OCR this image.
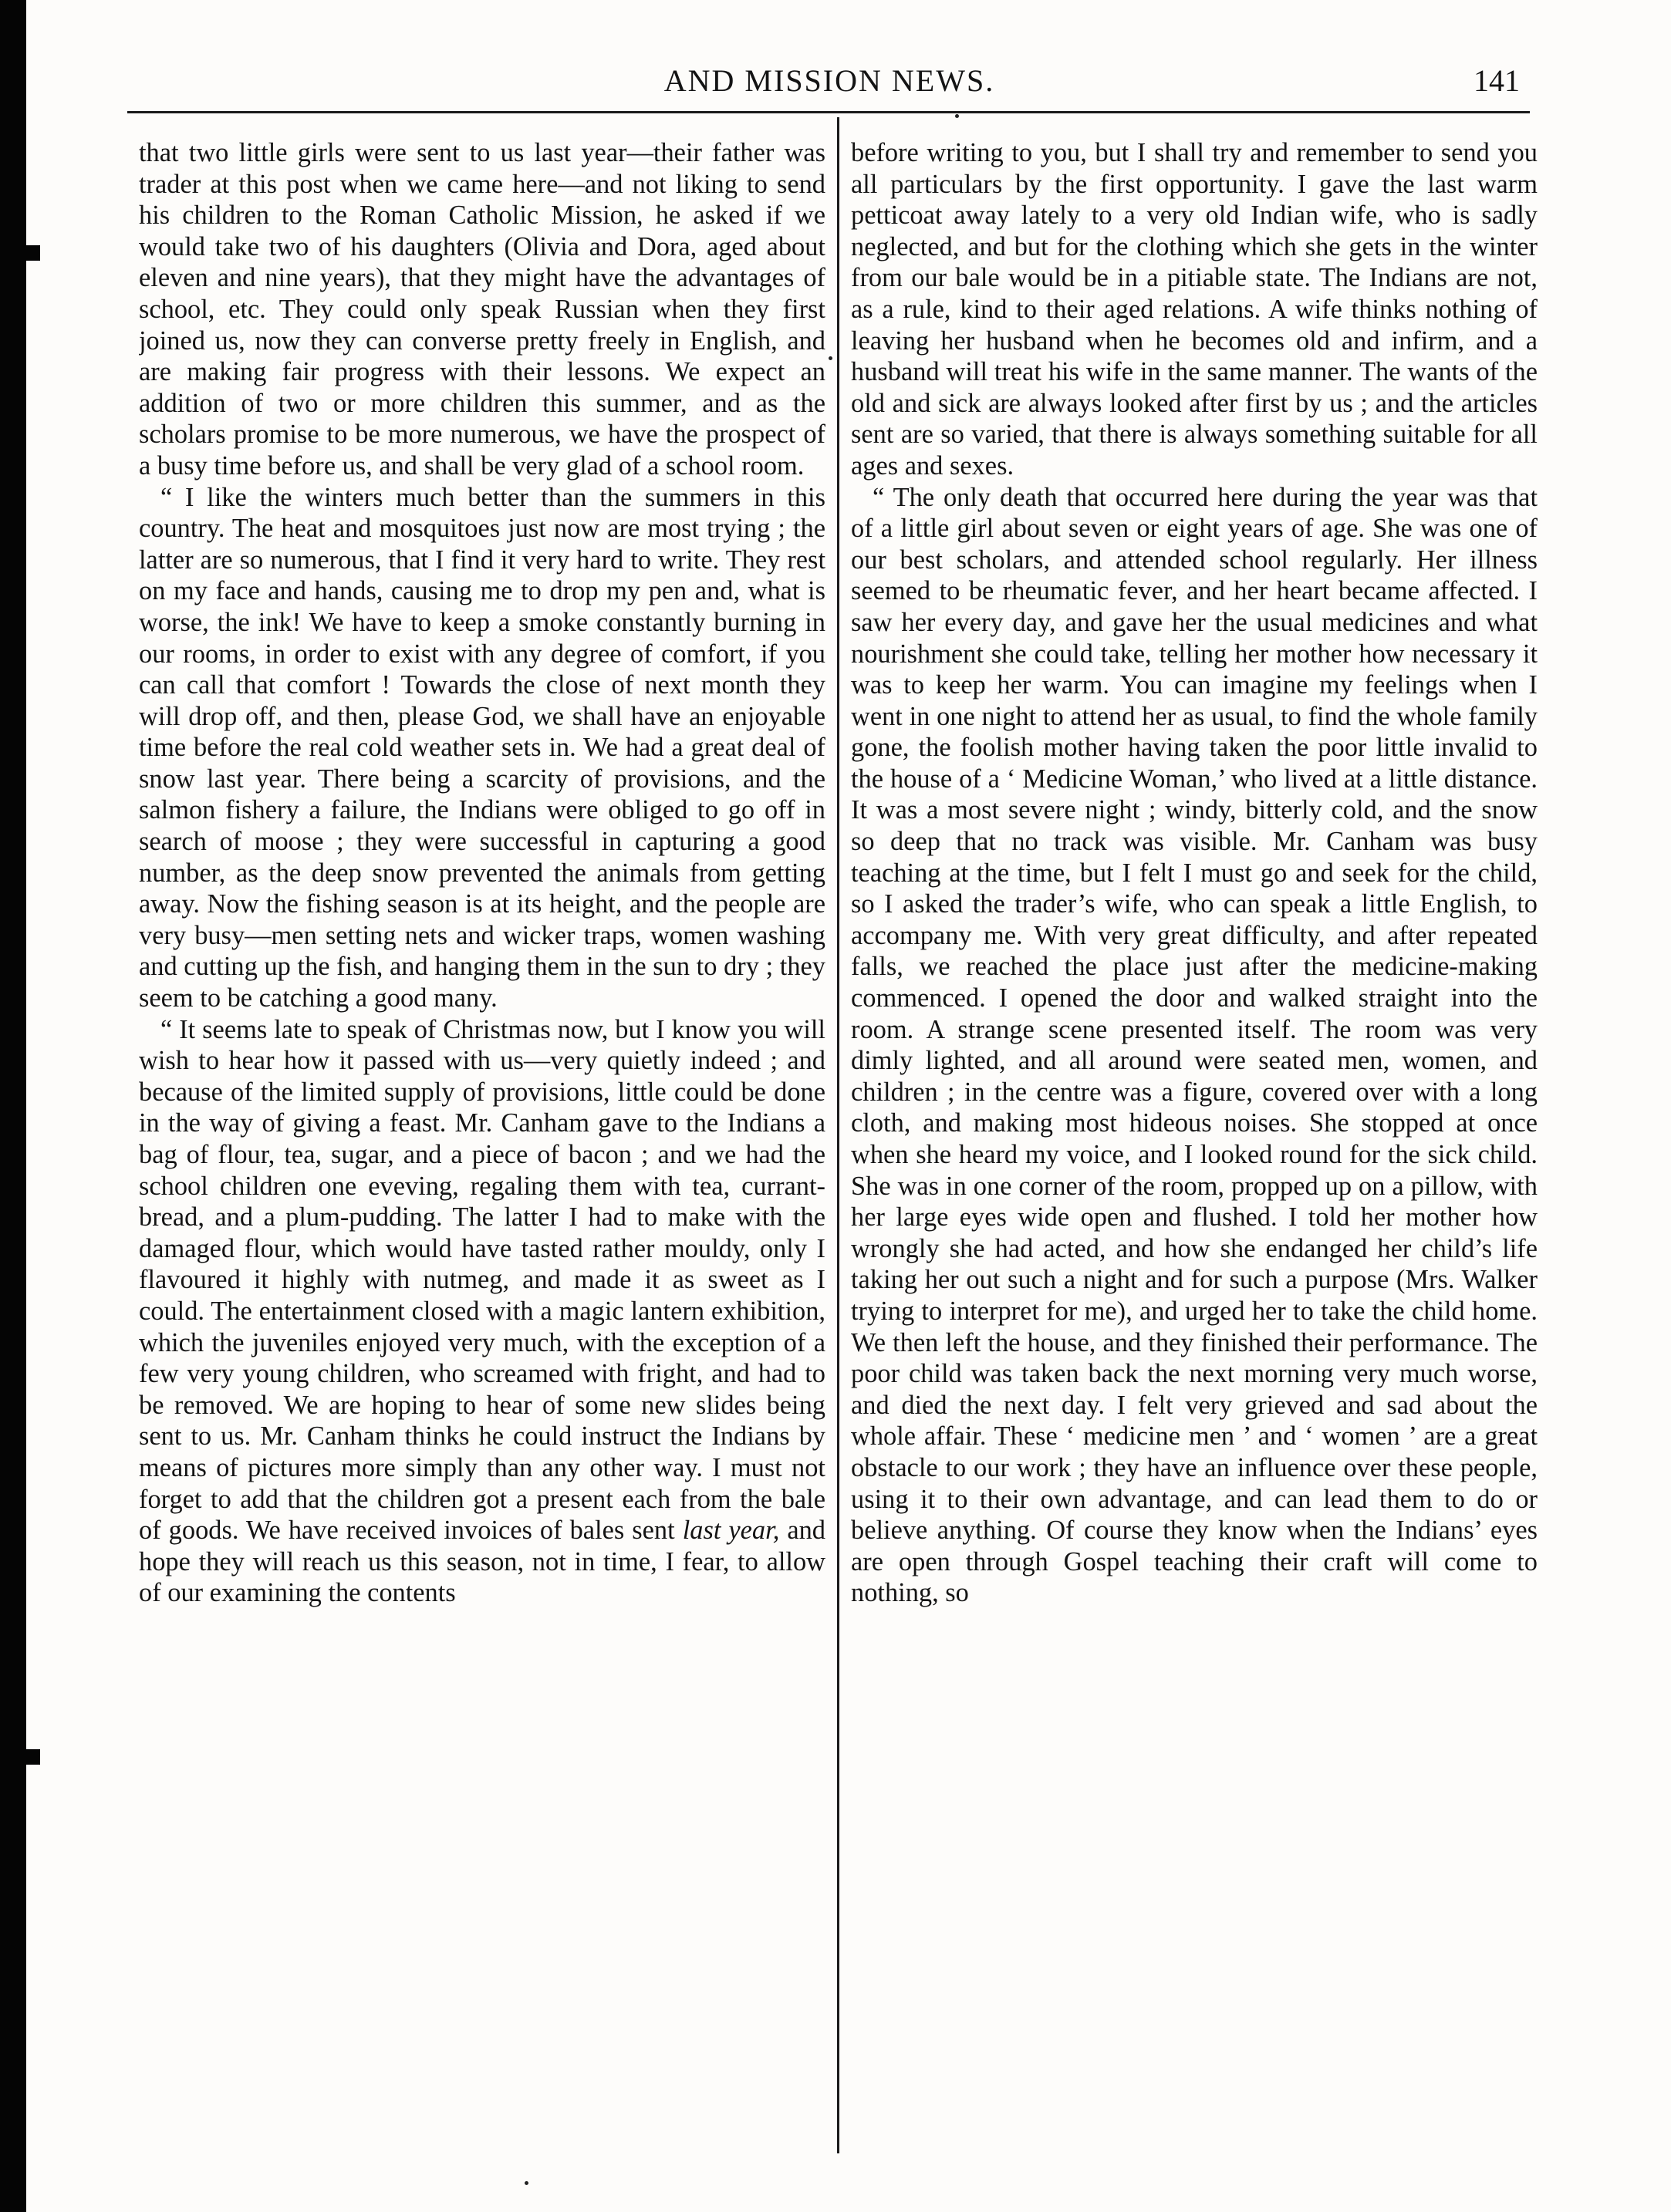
AND MISSION NEWS.	141

that two little girls were sent to us last year—their father was trader at this post when we came here—and not liking to send his children to the Roman Catholic Mission, he asked if we would take two of his daughters (Olivia and Dora, aged about eleven and nine years), that they might have the advantages of school, etc. They could only speak Russian when they first joined us, now they can converse pretty freely in English, and are making fair progress with their lessons. We expect an addition of two or more children this summer, and as the scholars promise to be more numerous, we have the prospect of a busy time before us, and shall be very glad of a school room.

“ I like the winters much better than the summers in this country. The heat and mosquitoes just now are most trying ; the latter are so numerous, that I find it very hard to write. They rest on my face and hands, causing me to drop my pen and, what is worse, the ink! We have to keep a smoke constantly burning in our rooms, in order to exist with any degree of comfort, if you can call that comfort ! Towards the close of next month they will drop off, and then, please God, we shall have an enjoyable time before the real cold weather sets in. We had a great deal of snow last year. There being a scarcity of provisions, and the salmon fishery a failure, the Indians were obliged to go off in search of moose ; they were successful in capturing a good number, as the deep snow prevented the animals from getting away. Now the fishing season is at its height, and the people are very busy—men setting nets and wicker traps, women washing and cutting up the fish, and hanging them in the sun to dry ; they seem to be catching a good many.

“ It seems late to speak of Christmas now, but I know you will wish to hear how it passed with us—very quietly indeed ; and because of the limited supply of provisions, little could be done in the way of giving a feast. Mr. Canham gave to the Indians a bag of flour, tea, sugar, and a piece of bacon ; and we had the school children one eveving, regaling them with tea, currant-bread, and a plum-pudding. The latter I had to make with the damaged flour, which would have tasted rather mouldy, only I flavoured it highly with nutmeg, and made it as sweet as I could. The entertainment closed with a magic lantern exhibition, which the juveniles enjoyed very much, with the exception of a few very young children, who screamed with fright, and had to be removed. We are hoping to hear of some new slides being sent to us. Mr. Canham thinks he could instruct the Indians by means of pictures more simply than any other way. I must not forget to add that the children got a present each from the bale of goods. We have received invoices of bales sent last year, and hope they will reach us this season, not in time, I fear, to allow of our examining the contents

before writing to you, but I shall try and remember to send you all particulars by the first opportunity. I gave the last warm petticoat away lately to a very old Indian wife, who is sadly neglected, and but for the clothing which she gets in the winter from our bale would be in a pitiable state. The Indians are not, as a rule, kind to their aged relations. A wife thinks nothing of leaving her husband when he becomes old and infirm, and a husband will treat his wife in the same manner. The wants of the old and sick are always looked after first by us ; and the articles sent are so varied, that there is always something suitable for all ages and sexes.

“ The only death that occurred here during the year was that of a little girl about seven or eight years of age. She was one of our best scholars, and attended school regularly. Her illness seemed to be rheumatic fever, and her heart became affected. I saw her every day, and gave her the usual medicines and what nourishment she could take, telling her mother how necessary it was to keep her warm. You can imagine my feelings when I went in one night to attend her as usual, to find the whole family gone, the foolish mother having taken the poor little invalid to the house of a ‘ Medicine Woman,’ who lived at a little distance. It was a most severe night ; windy, bitterly cold, and the snow so deep that no track was visible. Mr. Canham was busy teaching at the time, but I felt I must go and seek for the child, so I asked the trader’s wife, who can speak a little English, to accompany me. With very great difficulty, and after repeated falls, we reached the place just after the medicine-making commenced. I opened the door and walked straight into the room. A strange scene presented itself. The room was very dimly lighted, and all around were seated men, women, and children ; in the centre was a figure, covered over with a long cloth, and making most hideous noises. She stopped at once when she heard my voice, and I looked round for the sick child. She was in one corner of the room, propped up on a pillow, with her large eyes wide open and flushed. I told her mother how wrongly she had acted, and how she endanged her child’s life taking her out such a night and for such a purpose (Mrs. Walker trying to interpret for me), and urged her to take the child home. We then left the house, and they finished their performance. The poor child was taken back the next morning very much worse, and died the next day. I felt very grieved and sad about the whole affair. These ‘ medicine men ’ and ‘ women ’ are a great obstacle to our work ; they have an influence over these people, using it to their own advantage, and can lead them to do or believe anything. Of course they know when the Indians’ eyes are open through Gospel teaching their craft will come to nothing, so
